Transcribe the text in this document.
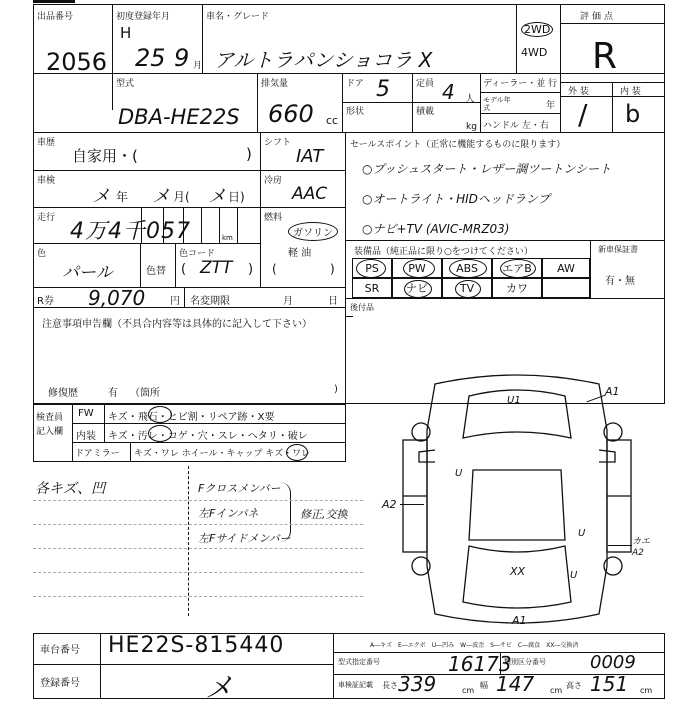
出品番号
2056
初度登録年月
H
25 9 月
車名・グレード
アルトラパンショコラ X
2WD
4WD
評価点
R
型式
DBA-HE22S
排気量
660 cc
ドア 5	定員 4 人
形状	積載
kg
ディーラー・並 行
モデル年式	年
ハンドル 左・右
外 装	内 装
/ b
車歴
自家用・(	)
シフト
IAT
車検
メ 年 メ 月( メ 日)
冷房
AAC
走行
4万4千057	km
燃料
ガソリン
軽 油
(	)
色
パール	色替
色コード
( ZTT )
R券 9,070 円 名変期限	月	日
注意事項申告欄（不具合内容等は具体的に記入して下さい）
修復歴	有 （箇所	)
セールスポイント（正常に機能するものに限ります）
○プッシュスタート・レザー調ツートンシート
○オートライト・HIDヘッドランプ
○ナビ+TV (AVIC-MRZ03)
装備品（純正品に限り○をつけてください）	新車保証書
PS	PW	ABS	エアB	AW
SR	ナビ	TV	カワ
有・無
後付品
検査員
記入欄
FW キズ・飛石・ヒビ割・リペア跡・X要
内装 キズ・汚レ・コゲ・穴・スレ・ヘタリ・破レ
ドアミラー キズ・ワレ ホイール・キャップ キズ・ワレ
各キズ、凹	Fクロスメンバー
左Fインパネ
左Fサイドメンバー
修正,交換
U1
A1
A2
XX	U
A1
カエ A2
U
U
A―キズ　E―エクボ　U―凹み　W―波歪　S―サビ　C―腐食　XX―交換済
車台番号 HE22S-815440
登録番号	メ
型式指定番号	16173
類別区分番号 0009
車検証記載 長さ 339	cm
幅 147 cm
高さ 151 cm
